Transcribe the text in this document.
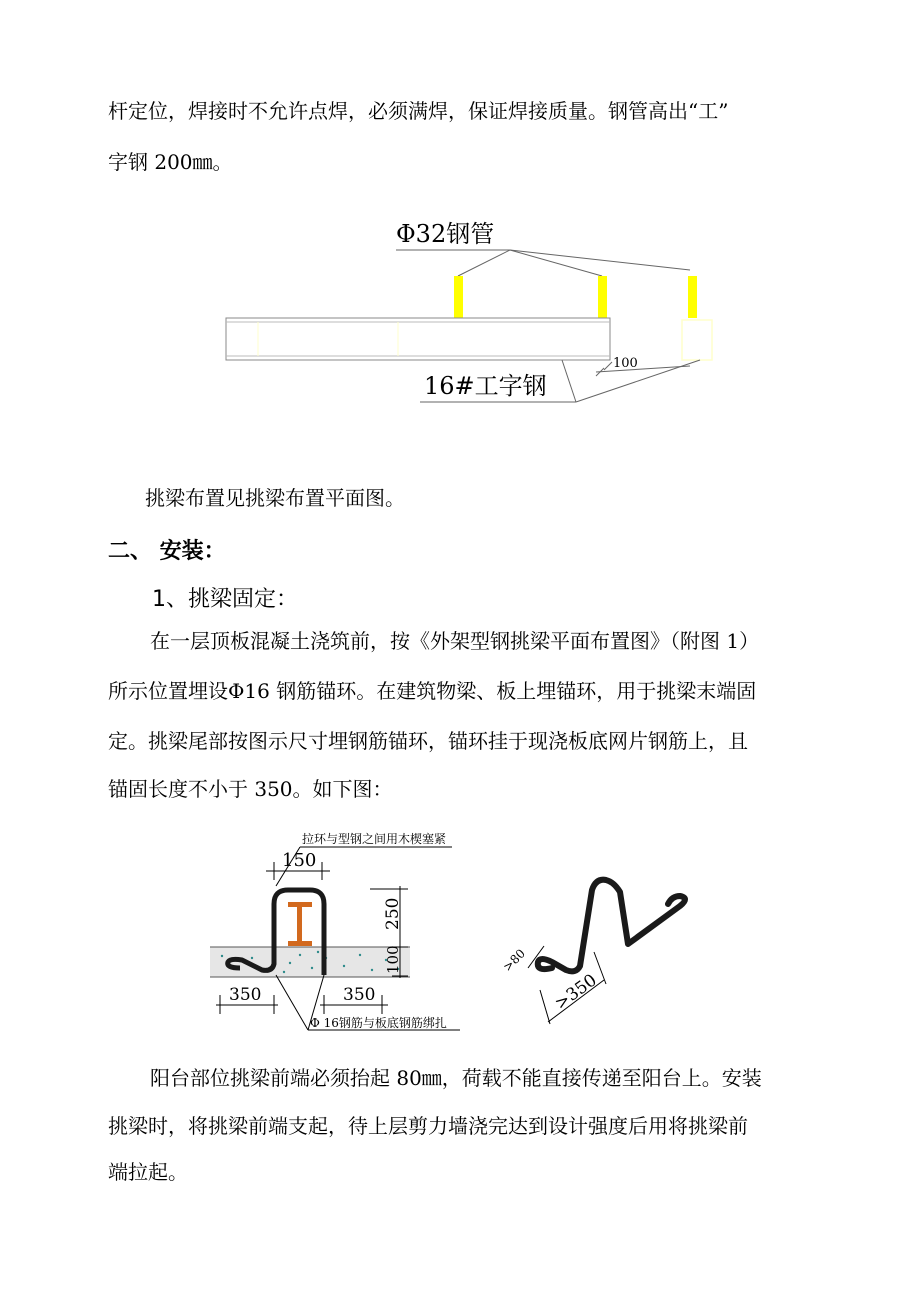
杆定位，焊接时不允许点焊，必须满焊，保证焊接质量。钢管高出“工”
字钢 200㎜。
Φ32钢管
100
16#工字钢
挑梁布置见挑梁布置平面图。
二、 安装：
1、挑梁固定：
在一层顶板混凝土浇筑前，按《外架型钢挑梁平面布置图》（附图 1）
所示位置埋设Φ16 钢筋锚环。在建筑物梁、板上埋锚环，用于挑梁末端固
定。挑梁尾部按图示尺寸埋钢筋锚环，锚环挂于现浇板底网片钢筋上，且
锚固长度不小于 350。如下图：
拉环与型钢之间用木楔塞紧
150
250
100
350	350
Φ 16钢筋与板底钢筋绑扎
>80
>350
阳台部位挑梁前端必须抬起 80㎜，荷载不能直接传递至阳台上。安装
挑梁时，将挑梁前端支起，待上层剪力墙浇完达到设计强度后用将挑梁前
端拉起。
